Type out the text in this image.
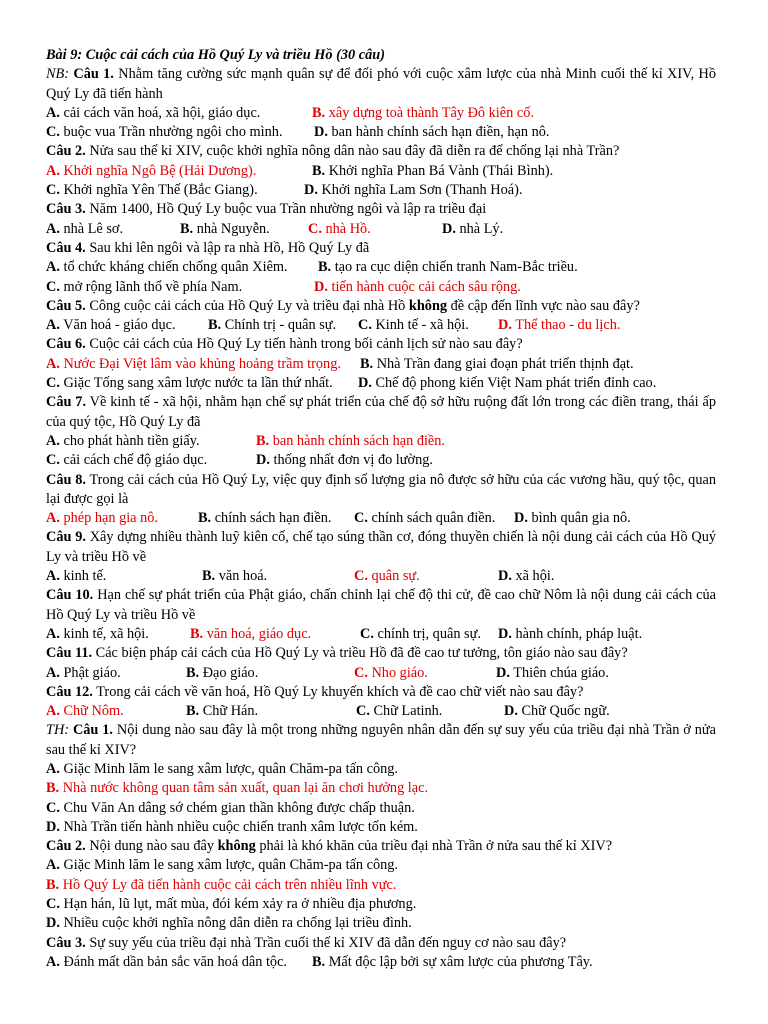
Bài 9: Cuộc cải cách của Hồ Quý Ly và triều Hồ (30 câu)
NB: Câu 1. Nhằm tăng cường sức mạnh quân sự để đối phó với cuộc xâm lược của nhà Minh cuối thế kỉ XIV, Hồ Quý Ly đã tiến hành
A. cải cách văn hoá, xã hội, giáo dục.	B. xây dựng toà thành Tây Đô kiên cố.
C. buộc vua Trần nhường ngôi cho mình.	D. ban hành chính sách hạn điền, hạn nô.
Câu 2. Nửa sau thế kỉ XIV, cuộc khởi nghĩa nông dân nào sau đây đã diễn ra để chống lại nhà Trần?
A. Khởi nghĩa Ngô Bệ (Hải Dương).	B. Khởi nghĩa Phan Bá Vành (Thái Bình).
C. Khởi nghĩa Yên Thế (Bắc Giang).	D. Khởi nghĩa Lam Sơn (Thanh Hoá).
Câu 3. Năm 1400, Hồ Quý Ly buộc vua Trần nhường ngôi và lập ra triều đại
A. nhà Lê sơ.	B. nhà Nguyễn.	C. nhà Hồ.	D. nhà Lý.
Câu 4. Sau khi lên ngôi và lập ra nhà Hồ, Hồ Quý Ly đã
A. tổ chức kháng chiến chống quân Xiêm.	B. tạo ra cục diện chiến tranh Nam-Bắc triều.
C. mở rộng lãnh thổ về phía Nam.	D. tiến hành cuộc cải cách sâu rộng.
Câu 5. Công cuộc cải cách của Hồ Quý Ly và triều đại nhà Hồ không đề cập đến lĩnh vực nào sau đây?
A. Văn hoá - giáo dục.	B. Chính trị - quân sự.	C. Kinh tế - xã hội.	D. Thể thao - du lịch.
Câu 6. Cuộc cải cách của Hồ Quý Ly tiến hành trong bối cảnh lịch sử nào sau đây?
A. Nước Đại Việt lâm vào khủng hoảng trầm trọng.	B. Nhà Trần đang giai đoạn phát triển thịnh đạt.
C. Giặc Tống sang xâm lược nước ta lần thứ nhất.	D. Chế độ phong kiến Việt Nam phát triển đỉnh cao.
Câu 7. Về kinh tế - xã hội, nhằm hạn chế sự phát triển của chế độ sở hữu ruộng đất lớn trong các điền trang, thái ấp của quý tộc, Hồ Quý Ly đã
A. cho phát hành tiền giấy.	B. ban hành chính sách hạn điền.
C. cải cách chế độ giáo dục.	D. thống nhất đơn vị đo lường.
Câu 8. Trong cải cách của Hồ Quý Ly, việc quy định số lượng gia nô được sở hữu của các vương hầu, quý tộc, quan lại được gọi là
A. phép hạn gia nô.	B. chính sách hạn điền.	C. chính sách quân điền.	D. bình quân gia nô.
Câu 9. Xây dựng nhiều thành luỹ kiên cố, chế tạo súng thần cơ, đóng thuyền chiến là nội dung cải cách của Hồ Quý Ly và triều Hồ về
A. kinh tế.	B. văn hoá.	C. quân sự.	D. xã hội.
Câu 10. Hạn chế sự phát triển của Phật giáo, chấn chỉnh lại chế độ thi cử, đề cao chữ Nôm là nội dung cải cách của Hồ Quý Ly và triều Hồ về
A. kinh tế, xã hội.	B. văn hoá, giáo dục.	C. chính trị, quân sự.	D. hành chính, pháp luật.
Câu 11. Các biện pháp cải cách của Hồ Quý Ly và triều Hồ đã đề cao tư tưởng, tôn giáo nào sau đây?
A. Phật giáo.	B. Đạo giáo.	C. Nho giáo.	D. Thiên chúa giáo.
Câu 12. Trong cải cách về văn hoá, Hồ Quý Ly khuyến khích và đề cao chữ viết nào sau đây?
A. Chữ Nôm.	B. Chữ Hán.	C. Chữ Latinh.	D. Chữ Quốc ngữ.
TH: Câu 1. Nội dung nào sau đây là một trong những nguyên nhân dẫn đến sự suy yếu của triều đại nhà Trần ở nửa sau thế kỉ XIV?
A. Giặc Minh lăm le sang xâm lược, quân Chăm-pa tấn công.
B. Nhà nước không quan tâm sản xuất, quan lại ăn chơi hưởng lạc.
C. Chu Văn An dâng sớ chém gian thần không được chấp thuận.
D. Nhà Trần tiến hành nhiều cuộc chiến tranh xâm lược tốn kém.
Câu 2. Nội dung nào sau đây không phải là khó khăn của triều đại nhà Trần ở nửa sau thế kỉ XIV?
A. Giặc Minh lăm le sang xâm lược, quân Chăm-pa tấn công.
B. Hồ Quý Ly đã tiến hành cuộc cải cách trên nhiều lĩnh vực.
C. Hạn hán, lũ lụt, mất mùa, đói kém xảy ra ở nhiều địa phương.
D. Nhiều cuộc khởi nghĩa nông dân diễn ra chống lại triều đình.
Câu 3. Sự suy yếu của triều đại nhà Trần cuối thế kỉ XIV đã dẫn đến nguy cơ nào sau đây?
A. Đánh mất dần bản sắc văn hoá dân tộc.	B. Mất độc lập bởi sự xâm lược của phương Tây.
